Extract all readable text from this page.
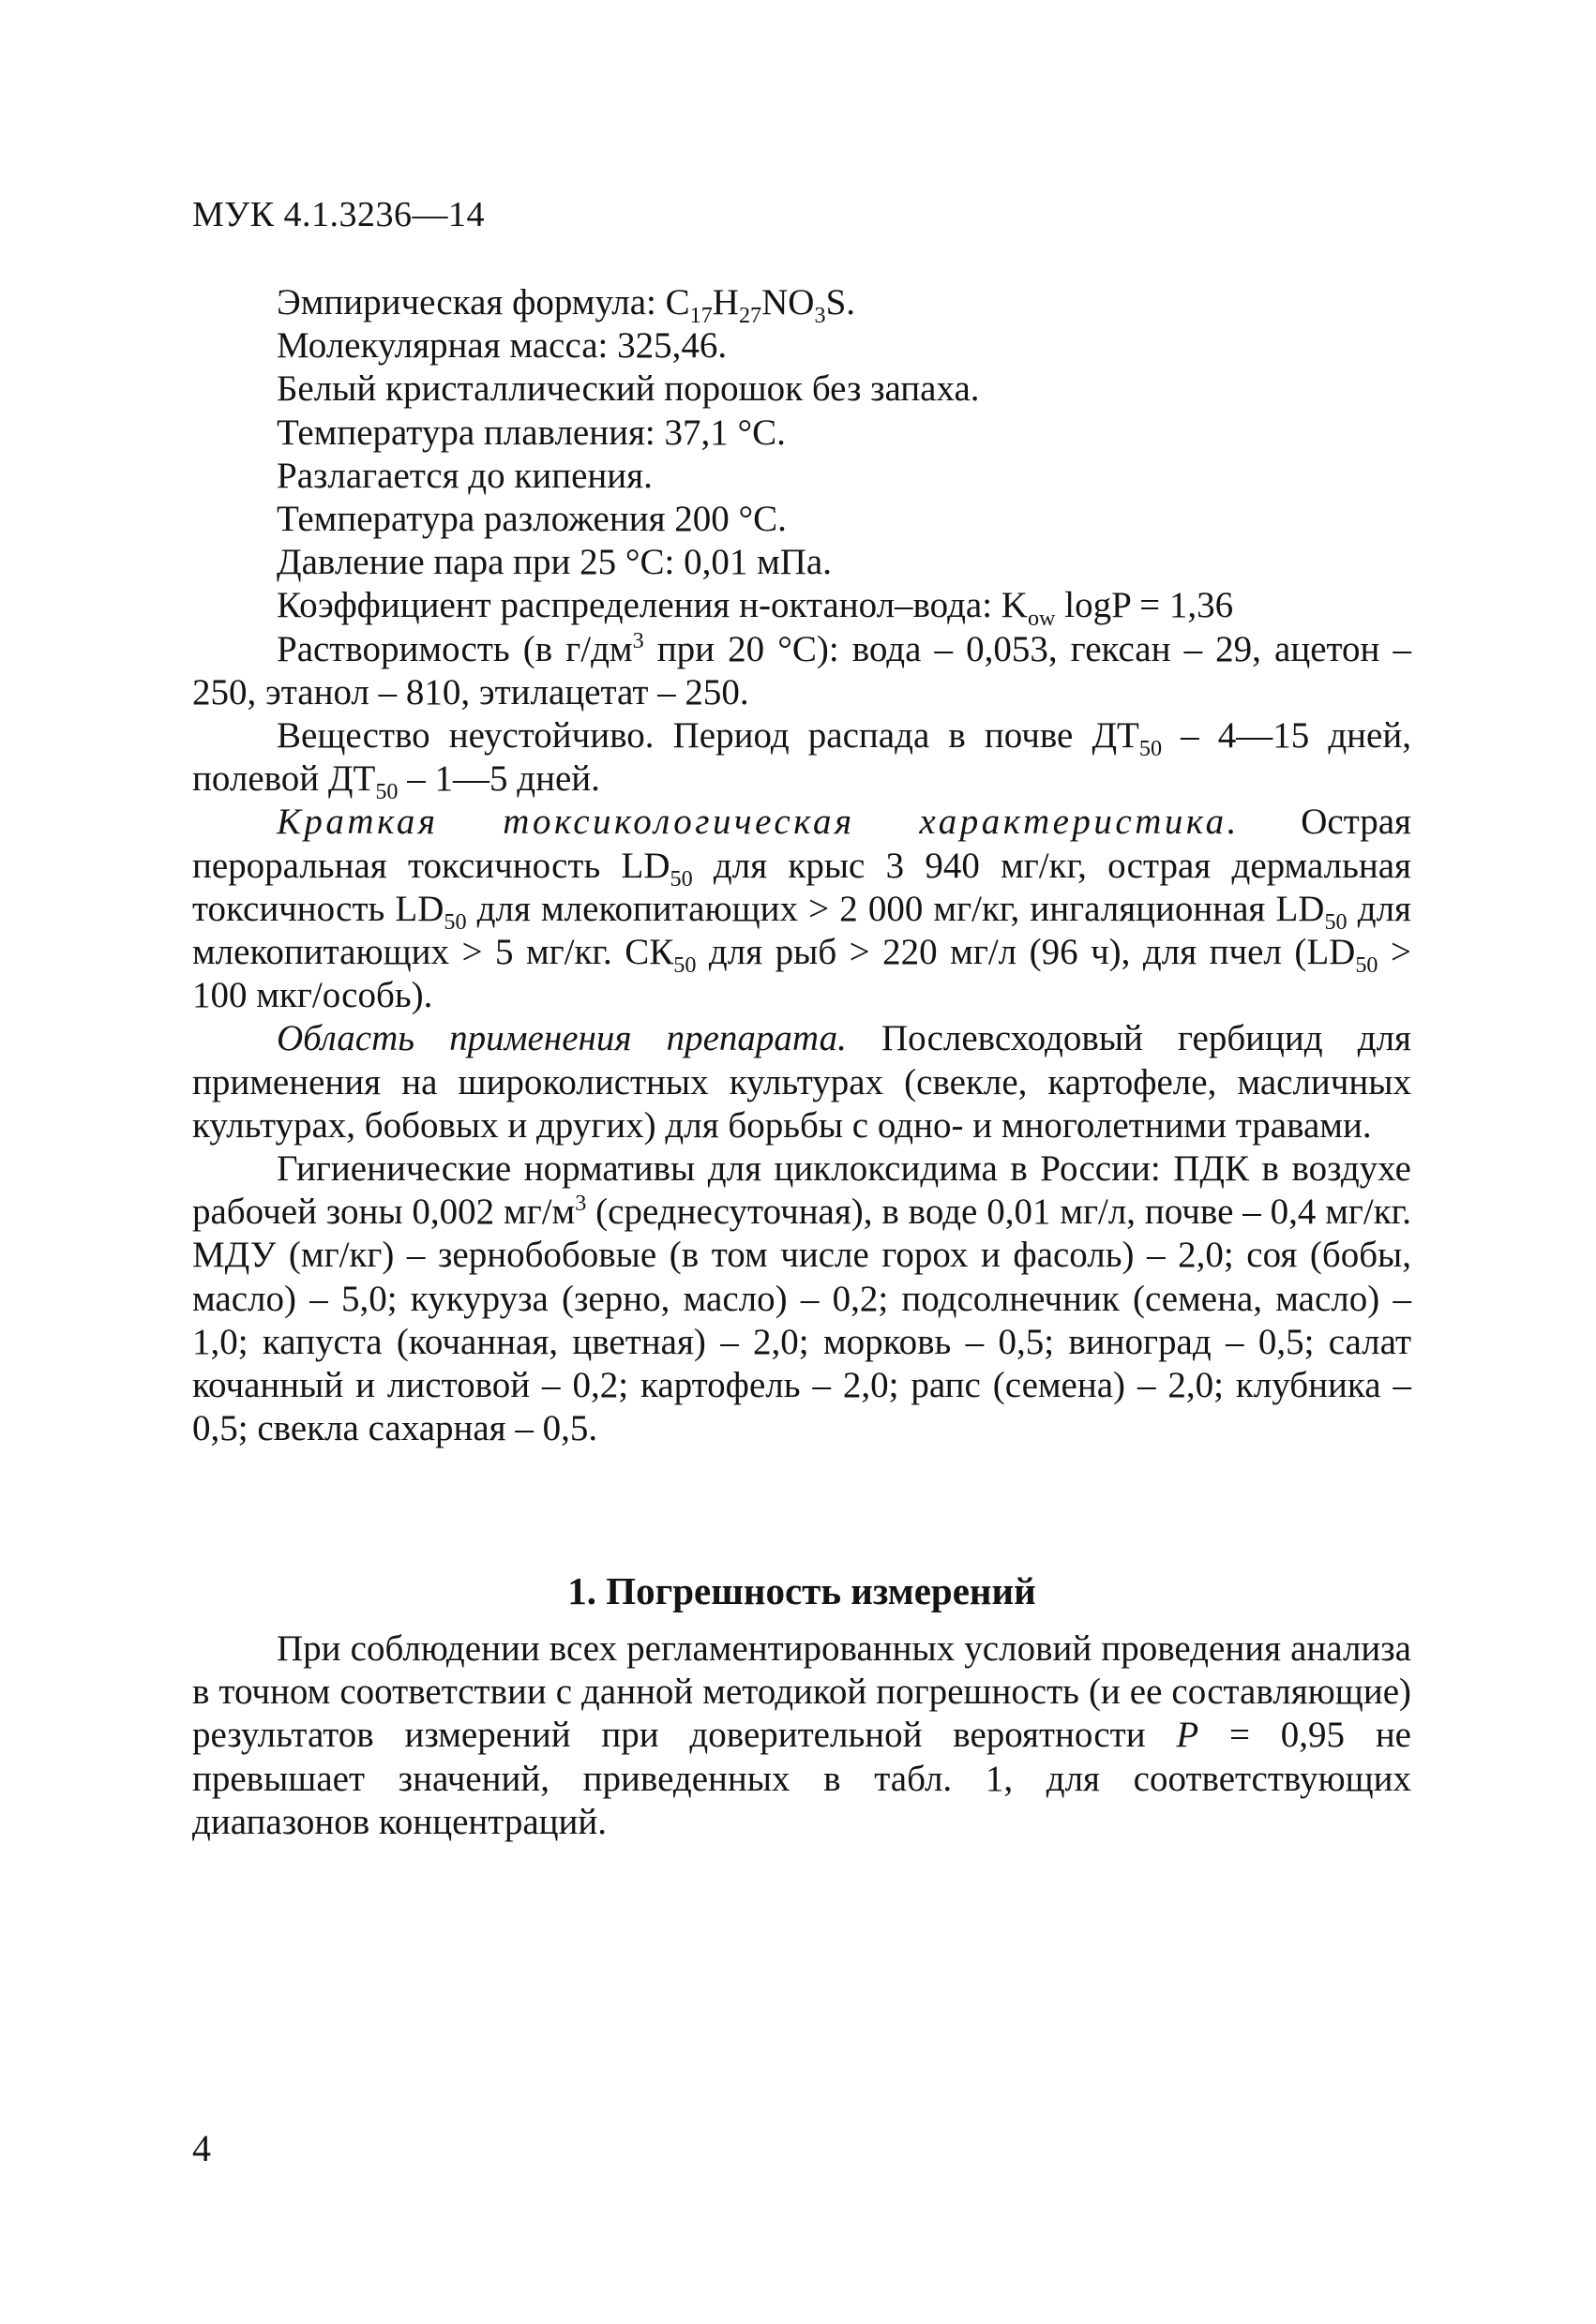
МУК 4.1.3236—14

Эмпирическая формула: $C_{17}H_{27}NO_3S$.

Молекулярная масса: 325,46.

Белый кристаллический порошок без запаха.

Температура плавления: 37,1 °С.

Разлагается до кипения.

Температура разложения 200 °С.

Давление пара при 25 °С: 0,01 мПа.

Коэффициент распределения н-октанол–вода: $K_{ow}$ logP = 1,36

Растворимость (в $г/дм^3$ при 20 °С): вода – 0,053, гексан – 29, ацетон – 250, этанол – 810, этилацетат – 250.

Вещество неустойчиво. Период распада в почве $ДТ_{50}$ – 4—15 дней, полевой $ДТ_{50}$ – 1—5 дней.

Краткая токсикологическая характеристика. Острая пероральная токсичность $LD_{50}$ для крыс 3 940 мг/кг, острая дермальная токсичность $LD_{50}$ для млекопитающих > 2 000 мг/кг, ингаляционная $LD_{50}$ для млекопитающих > 5 мг/кг. $СК_{50}$ для рыб > 220 мг/л (96 ч), для пчел ($LD_{50} > 100$ мкг/особь).

Область применения препарата. Послевсходовый гербицид для применения на широколистных культурах (свекле, картофеле, масличных культурах, бобовых и других) для борьбы с одно- и многолетними травами.

Гигиенические нормативы для циклоксидима в России: ПДК в воздухе рабочей зоны 0,002 $мг/м^3$ (среднесуточная), в воде 0,01 мг/л, почве – 0,4 мг/кг. МДУ (мг/кг) – зернобобовые (в том числе горох и фасоль) – 2,0; соя (бобы, масло) – 5,0; кукуруза (зерно, масло) – 0,2; подсолнечник (семена, масло) – 1,0; капуста (кочанная, цветная) – 2,0; морковь – 0,5; виноград – 0,5; салат кочанный и листовой – 0,2; картофель – 2,0; рапс (семена) – 2,0; клубника – 0,5; свекла сахарная – 0,5.

1. Погрешность измерений

При соблюдении всех регламентированных условий проведения анализа в точном соответствии с данной методикой погрешность (и ее составляющие) результатов измерений при доверительной вероятности P = 0,95 не превышает значений, приведенных в табл. 1, для соответствующих диапазонов концентраций.

4
